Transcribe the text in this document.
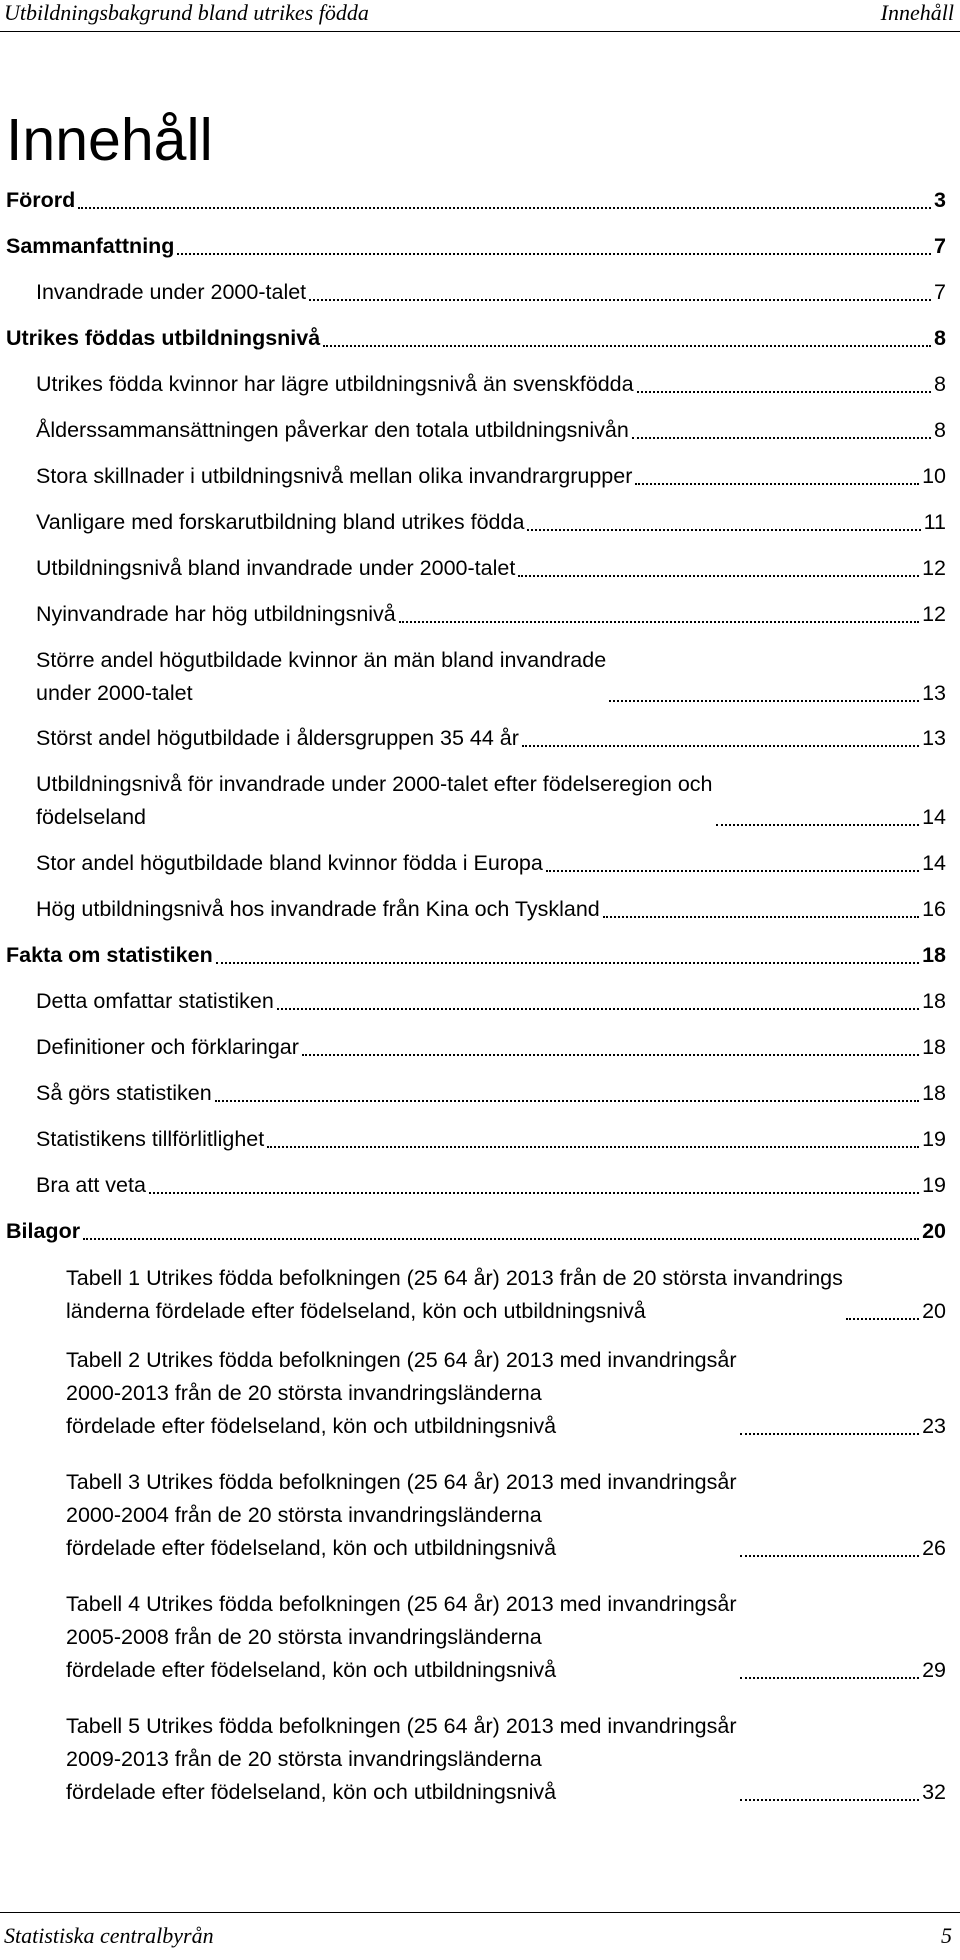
Utbildningsbakgrund bland utrikes födda	Innehåll
Innehåll
Förord	3
Sammanfattning	7
Invandrade under 2000-talet	7
Utrikes föddas utbildningsnivå	8
Utrikes födda kvinnor har lägre utbildningsnivå än svenskfödda	8
Ålderssammansättningen påverkar den totala utbildningsnivån	8
Stora skillnader i utbildningsnivå mellan olika invandrargrupper	10
Vanligare med forskarutbildning bland utrikes födda	11
Utbildningsnivå bland invandrade under 2000-talet	12
Nyinvandrade har hög utbildningsnivå	12
Större andel högutbildade kvinnor än män bland invandrade
under 2000-talet	13
Störst andel högutbildade i åldersgruppen 35 44 år	13
Utbildningsnivå för invandrade under 2000-talet efter födelseregion och
födelseland	14
Stor andel högutbildade bland kvinnor födda i Europa	14
Hög utbildningsnivå hos invandrade från Kina och Tyskland	16
Fakta om statistiken	18
Detta omfattar statistiken	18
Definitioner och förklaringar	18
Så görs statistiken	18
Statistikens tillförlitlighet	19
Bra att veta	19
Bilagor	20
Tabell 1 Utrikes födda befolkningen (25 64 år) 2013 från de 20 största invandrings
länderna fördelade efter födelseland, kön och utbildningsnivå	20
Tabell 2 Utrikes födda befolkningen (25 64 år) 2013 med invandringsår
2000-2013 från de 20 största invandringsländerna
fördelade efter födelseland, kön och utbildningsnivå	23
Tabell 3 Utrikes födda befolkningen (25 64 år) 2013 med invandringsår
2000-2004 från de 20 största invandringsländerna
fördelade efter födelseland, kön och utbildningsnivå	26
Tabell 4 Utrikes födda befolkningen (25 64 år) 2013 med invandringsår
2005-2008 från de 20 största invandringsländerna
fördelade efter födelseland, kön och utbildningsnivå	29
Tabell 5 Utrikes födda befolkningen (25 64 år) 2013 med invandringsår
2009-2013 från de 20 största invandringsländerna
fördelade efter födelseland, kön och utbildningsnivå	32
Statistiska centralbyrån	5
